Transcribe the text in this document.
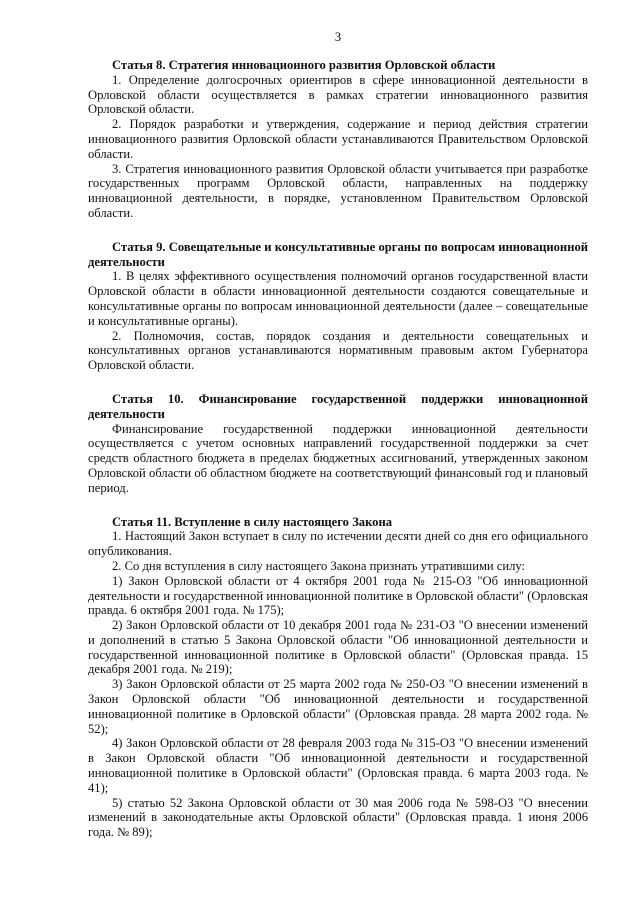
3

Статья 8. Стратегия инновационного развития Орловской области

1. Определение долгосрочных ориентиров в сфере инновационной деятельности в Орловской области осуществляется в рамках стратегии инновационного развития Орловской области.

2. Порядок разработки и утверждения, содержание и период действия стратегии инновационного развития Орловской области устанавливаются Правительством Орловской области.

3. Стратегия инновационного развития Орловской области учитывается при разработке государственных программ Орловской области, направленных на поддержку инновационной деятельности, в порядке, установленном Правительством Орловской области.

Статья 9. Совещательные и консультативные органы по вопросам инновационной деятельности

1. В целях эффективного осуществления полномочий органов государственной власти Орловской области в области инновационной деятельности создаются совещательные и консультативные органы по вопросам инновационной деятельности (далее – совещательные и консультативные органы).

2. Полномочия, состав, порядок создания и деятельности совещательных и консультативных органов устанавливаются нормативным правовым актом Губернатора Орловской области.

Статья 10. Финансирование государственной поддержки инновационной деятельности

Финансирование государственной поддержки инновационной деятельности осуществляется с учетом основных направлений государственной поддержки за счет средств областного бюджета в пределах бюджетных ассигнований, утвержденных законом Орловской области об областном бюджете на соответствующий финансовый год и плановый период.

Статья 11. Вступление в силу настоящего Закона

1. Настоящий Закон вступает в силу по истечении десяти дней со дня его официального опубликования.

2. Со дня вступления в силу настоящего Закона признать утратившими силу:

1) Закон Орловской области от 4 октября 2001 года № 215-ОЗ "Об инновационной деятельности и государственной инновационной политике в Орловской области" (Орловская правда. 6 октября 2001 года. № 175);

2) Закон Орловской области от 10 декабря 2001 года № 231-ОЗ "О внесении изменений и дополнений в статью 5 Закона Орловской области "Об инновационной деятельности и государственной инновационной политике в Орловской области" (Орловская правда. 15 декабря 2001 года. № 219);

3) Закон Орловской области от 25 марта 2002 года № 250-ОЗ "О внесении изменений в Закон Орловской области "Об инновационной деятельности и государственной инновационной политике в Орловской области" (Орловская правда. 28 марта 2002 года. № 52);

4) Закон Орловской области от 28 февраля 2003 года № 315-ОЗ "О внесении изменений в Закон Орловской области "Об инновационной деятельности и государственной инновационной политике в Орловской области" (Орловская правда. 6 марта 2003 года. № 41);

5) статью 52 Закона Орловской области от 30 мая 2006 года № 598-ОЗ "О внесении изменений в законодательные акты Орловской области" (Орловская правда. 1 июня 2006 года. № 89);
